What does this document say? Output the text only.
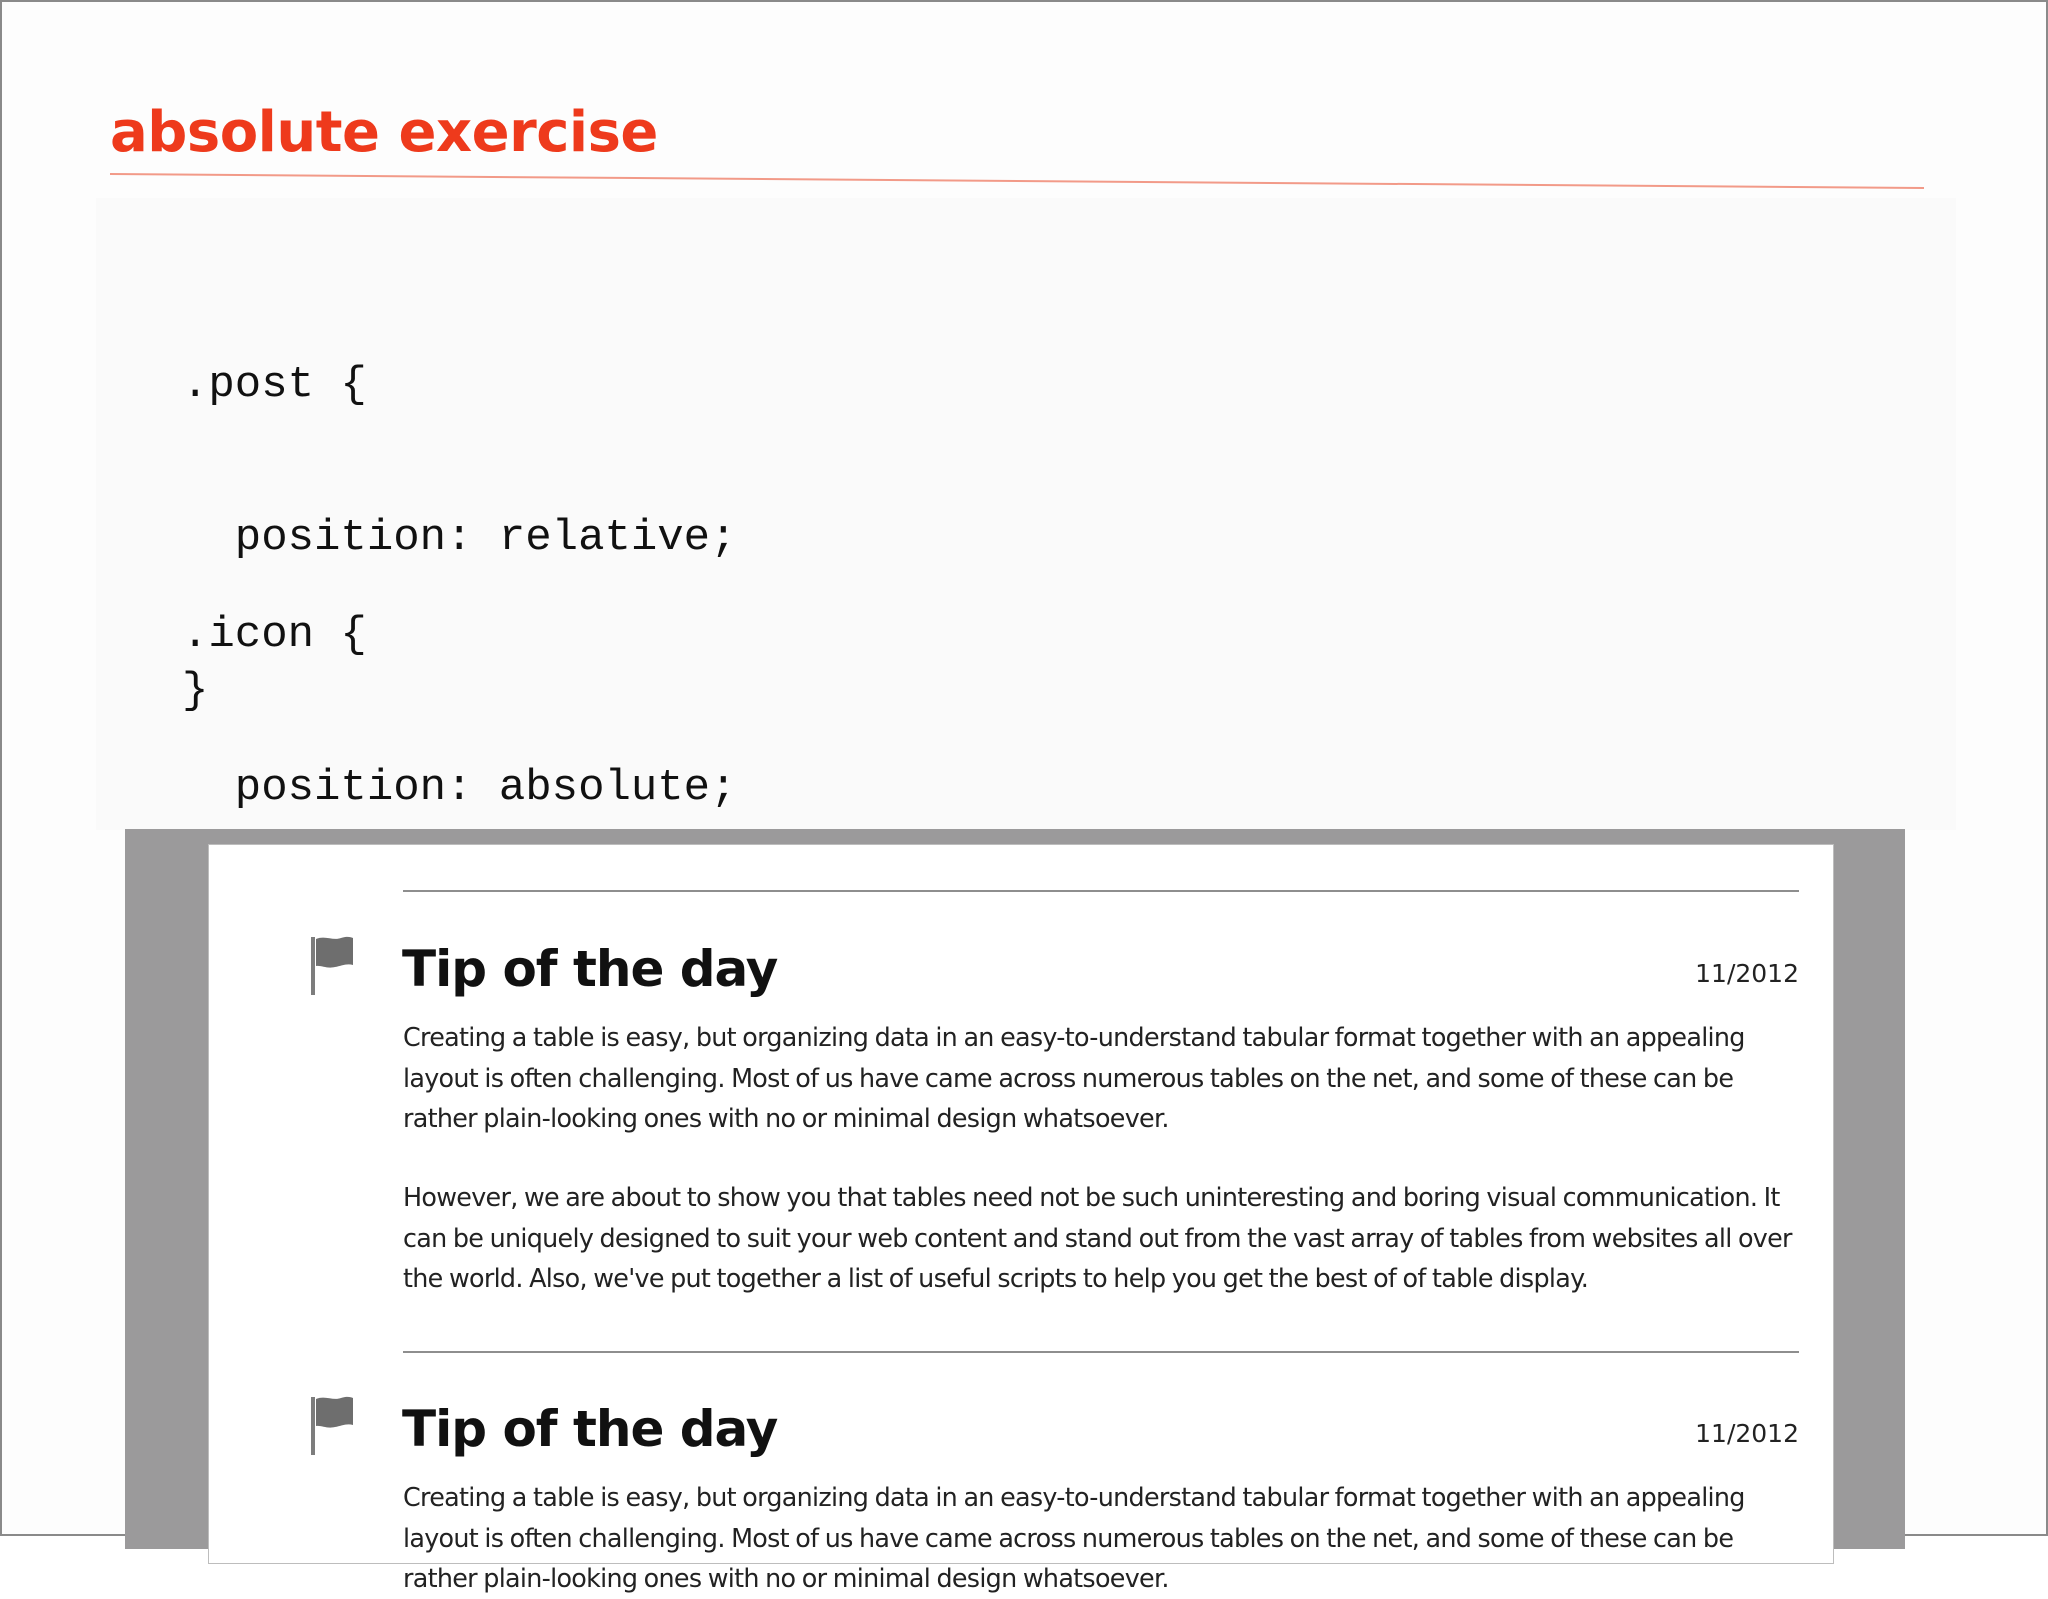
absolute exercise

.post {

position: relative;

}

.icon {

position: absolute;

Tip of the day	11/2012
Creating a table is easy, but organizing data in an easy-to-understand tabular format together with an appealing layout is often challenging. Most of us have came across numerous tables on the net, and some of these can be rather plain-looking ones with no or minimal design whatsoever.
However, we are about to show you that tables need not be such uninteresting and boring visual communication. It can be uniquely designed to suit your web content and stand out from the vast array of tables from websites all over the world. Also, we've put together a list of useful scripts to help you get the best of of table display.
Tip of the day	11/2012
Creating a table is easy, but organizing data in an easy-to-understand tabular format together with an appealing layout is often challenging. Most of us have came across numerous tables on the net, and some of these can be rather plain-looking ones with no or minimal design whatsoever.
